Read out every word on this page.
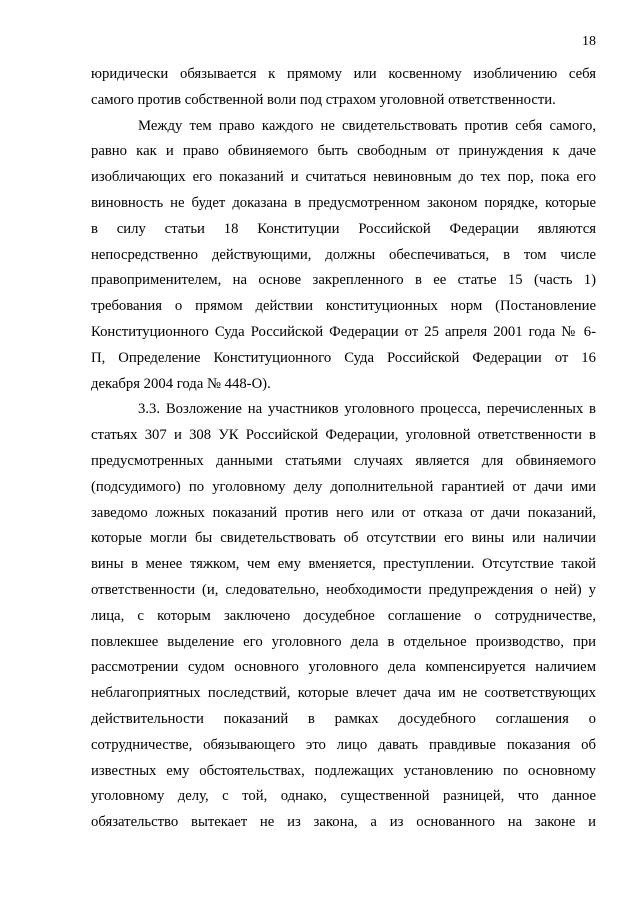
18
юридически обязывается к прямому или косвенному изобличению себя
самого против собственной воли под страхом уголовной ответственности.
Между тем право каждого не свидетельствовать против себя самого,
равно как и право обвиняемого быть свободным от принуждения к даче
изобличающих его показаний и считаться невиновным до тех пор, пока его
виновность не будет доказана в предусмотренном законом порядке, которые
в силу статьи 18 Конституции Российской Федерации являются
непосредственно действующими, должны обеспечиваться, в том числе
правоприменителем, на основе закрепленного в ее статье 15 (часть 1)
требования о прямом действии конституционных норм (Постановление
Конституционного Суда Российской Федерации от 25 апреля 2001 года № 6-
П, Определение Конституционного Суда Российской Федерации от 16
декабря 2004 года № 448-О).
3.3. Возложение на участников уголовного процесса, перечисленных в
статьях 307 и 308 УК Российской Федерации, уголовной ответственности в
предусмотренных данными статьями случаях является для обвиняемого
(подсудимого) по уголовному делу дополнительной гарантией от дачи ими
заведомо ложных показаний против него или от отказа от дачи показаний,
которые могли бы свидетельствовать об отсутствии его вины или наличии
вины в менее тяжком, чем ему вменяется, преступлении. Отсутствие такой
ответственности (и, следовательно, необходимости предупреждения о ней) у
лица, с которым заключено досудебное соглашение о сотрудничестве,
повлекшее выделение его уголовного дела в отдельное производство, при
рассмотрении судом основного уголовного дела компенсируется наличием
неблагоприятных последствий, которые влечет дача им не соответствующих
действительности показаний в рамках досудебного соглашения о
сотрудничестве, обязывающего это лицо давать правдивые показания об
известных ему обстоятельствах, подлежащих установлению по основному
уголовному делу, с той, однако, существенной разницей, что данное
обязательство вытекает не из закона, а из основанного на законе и
